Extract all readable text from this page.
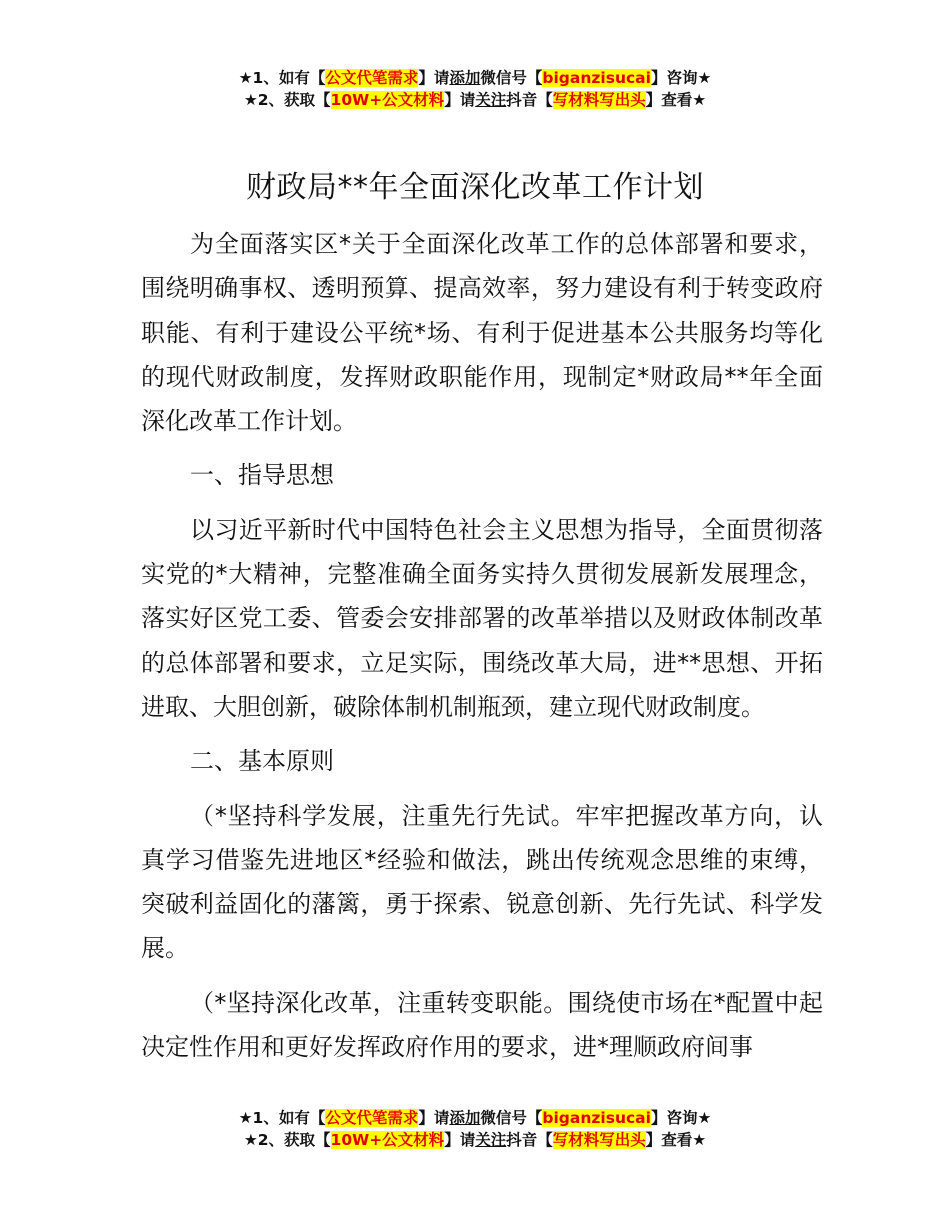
★1、如有【公文代笔需求】请添加微信号【biganzisucai】咨询★
★2、获取【10W+公文材料】请关注抖音【写材料写出头】查看★
财政局**年全面深化改革工作计划

为全面落实区*关于全面深化改革工作的总体部署和要求，围绕明确事权、透明预算、提高效率，努力建设有利于转变政府职能、有利于建设公平统*场、有利于促进基本公共服务均等化的现代财政制度，发挥财政职能作用，现制定*财政局**年全面深化改革工作计划。

一、指导思想

以习近平新时代中国特色社会主义思想为指导，全面贯彻落实党的*大精神，完整准确全面务实持久贯彻发展新发展理念，落实好区党工委、管委会安排部署的改革举措以及财政体制改革的总体部署和要求，立足实际，围绕改革大局，进**思想、开拓进取、大胆创新，破除体制机制瓶颈，建立现代财政制度。

二、基本原则

（*坚持科学发展，注重先行先试。牢牢把握改革方向，认真学习借鉴先进地区*经验和做法，跳出传统观念思维的束缚，突破利益固化的藩篱，勇于探索、锐意创新、先行先试、科学发展。

（*坚持深化改革，注重转变职能。围绕使市场在*配置中起决定性作用和更好发挥政府作用的要求，进*理顺政府间事

★1、如有【公文代笔需求】请添加微信号【biganzisucai】咨询★
★2、获取【10W+公文材料】请关注抖音【写材料写出头】查看★
